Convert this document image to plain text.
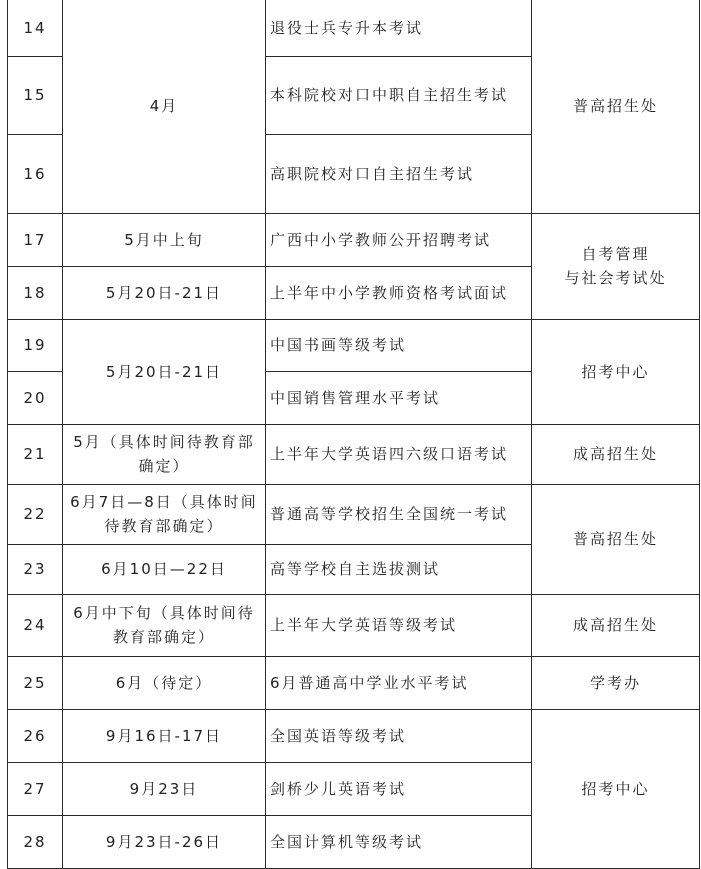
14	4月	退役士兵专升本考试	普高招生处
15		本科院校对口中职自主招生考试	
16		高职院校对口自主招生考试	
17	5月中上旬	广西中小学教师公开招聘考试	自考管理
与社会考试处

18	5月20日-21日	上半年中小学教师资格考试面试	
19	5月20日-21日	中国书画等级考试	招考中心
20		中国销售管理水平考试	
21	5月（具体时间待教育部确定）	上半年大学英语四六级口语考试	成高招生处
22	6月7日—8日（具体时间待教育部确定）	普通高等学校招生全国统一考试	普高招生处
23	6月10日—22日	高等学校自主选拔测试	
24	6月中下旬（具体时间待教育部确定）	上半年大学英语等级考试	成高招生处
25	6月（待定）	6月普通高中学业水平考试	学考办
26	9月16日-17日	全国英语等级考试	招考中心
27	9月23日	剑桥少儿英语考试	
28	9月23日-26日	全国计算机等级考试	
